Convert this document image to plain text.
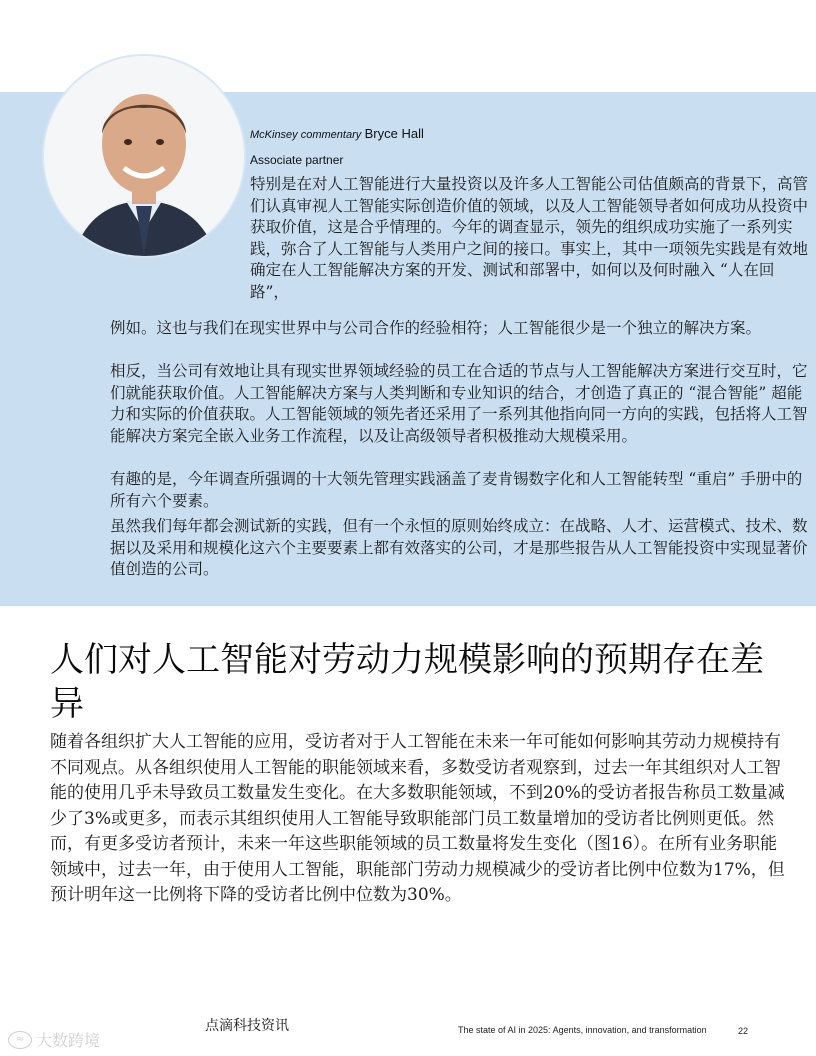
McKinsey commentary Bryce Hall
Associate partner

特别是在对人工智能进行大量投资以及许多人工智能公司估值颇高的背景下，高管们认真审视人工智能实际创造价值的领域，以及人工智能领导者如何成功从投资中获取价值，这是合乎情理的。今年的调查显示，领先的组织成功实施了一系列实践，弥合了人工智能与人类用户之间的接口。事实上，其中一项领先实践是有效地确定在人工智能解决方案的开发、测试和部署中，如何以及何时融入 “人在回路”，

例如。这也与我们在现实世界中与公司合作的经验相符；人工智能很少是一个独立的解决方案。

相反，当公司有效地让具有现实世界领域经验的员工在合适的节点与人工智能解决方案进行交互时，它们就能获取价值。人工智能解决方案与人类判断和专业知识的结合，才创造了真正的 “混合智能” 超能力和实际的价值获取。人工智能领域的领先者还采用了一系列其他指向同一方向的实践，包括将人工智能解决方案完全嵌入业务工作流程，以及让高级领导者积极推动大规模采用。

有趣的是，今年调查所强调的十大领先管理实践涵盖了麦肯锡数字化和人工智能转型 “重启” 手册中的所有六个要素。

虽然我们每年都会测试新的实践，但有一个永恒的原则始终成立：在战略、人才、运营模式、技术、数据以及采用和规模化这六个主要要素上都有效落实的公司，才是那些报告从人工智能投资中实现显著价值创造的公司。

人们对人工智能对劳动力规模影响的预期存在差异

随着各组织扩大人工智能的应用，受访者对于人工智能在未来一年可能如何影响其劳动力规模持有不同观点。从各组织使用人工智能的职能领域来看，多数受访者观察到，过去一年其组织对人工智能的使用几乎未导致员工数量发生变化。在大多数职能领域，不到20%的受访者报告称员工数量减少了3%或更多，而表示其组织使用人工智能导致职能部门员工数量增加的受访者比例则更低。然而，有更多受访者预计，未来一年这些职能领域的员工数量将发生变化（图16）。在所有业务职能领域中，过去一年，由于使用人工智能，职能部门劳动力规模减少的受访者比例中位数为17%，但预计明年这一比例将下降的受访者比例中位数为30%。

点滴科技资讯	The state of AI in 2025: Agents, innovation, and transformation	22
≈ 大数跨境
